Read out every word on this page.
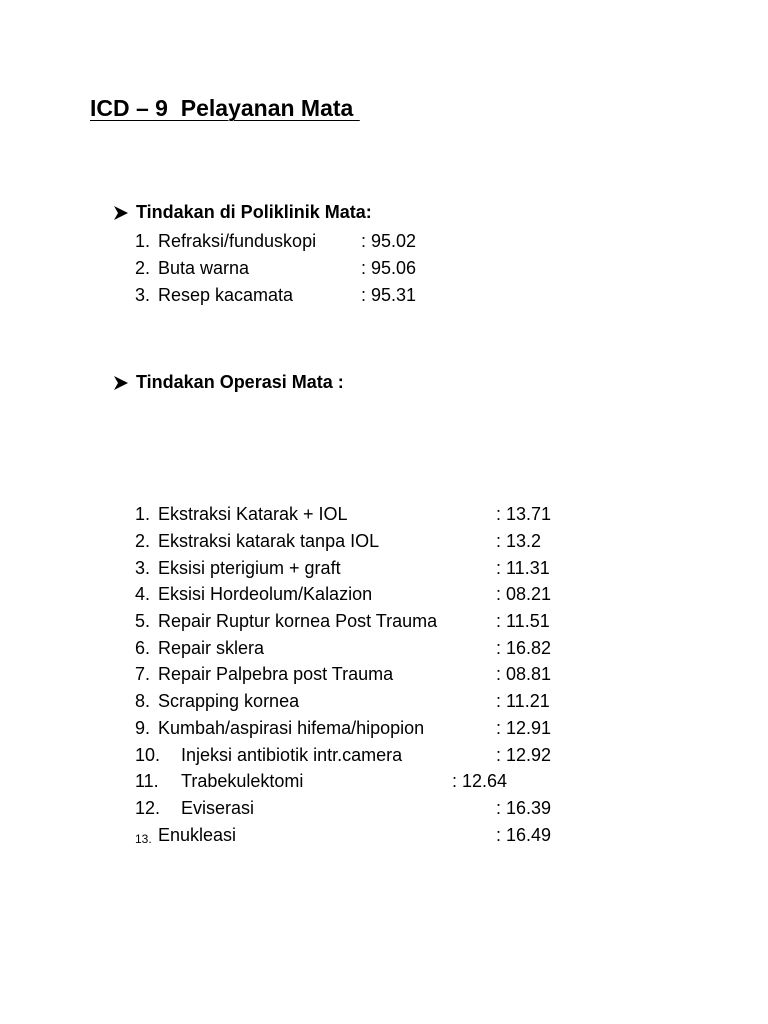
ICD – 9  Pelayanan Mata
Tindakan di Poliklinik Mata:
1. Refraksi/funduskopi : 95.02
2. Buta warna	: 95.06
3. Resep kacamata	: 95.31
Tindakan Operasi Mata :
1. Ekstraksi Katarak + IOL	: 13.71
2. Ekstraksi katarak tanpa IOL	: 13.2
3. Eksisi pterigium + graft	: 11.31
4. Eksisi Hordeolum/Kalazion	: 08.21
5. Repair Ruptur kornea Post Trauma	: 11.51
6. Repair sklera	: 16.82
7. Repair Palpebra post Trauma	: 08.81
8. Scrapping kornea	: 11.21
9. Kumbah/aspirasi hifema/hipopion	: 12.91
10. Injeksi antibiotik intr.camera	: 12.92
11. Trabekulektomi	: 12.64
12. Eviserasi	: 16.39
13. Enukleasi	: 16.49
